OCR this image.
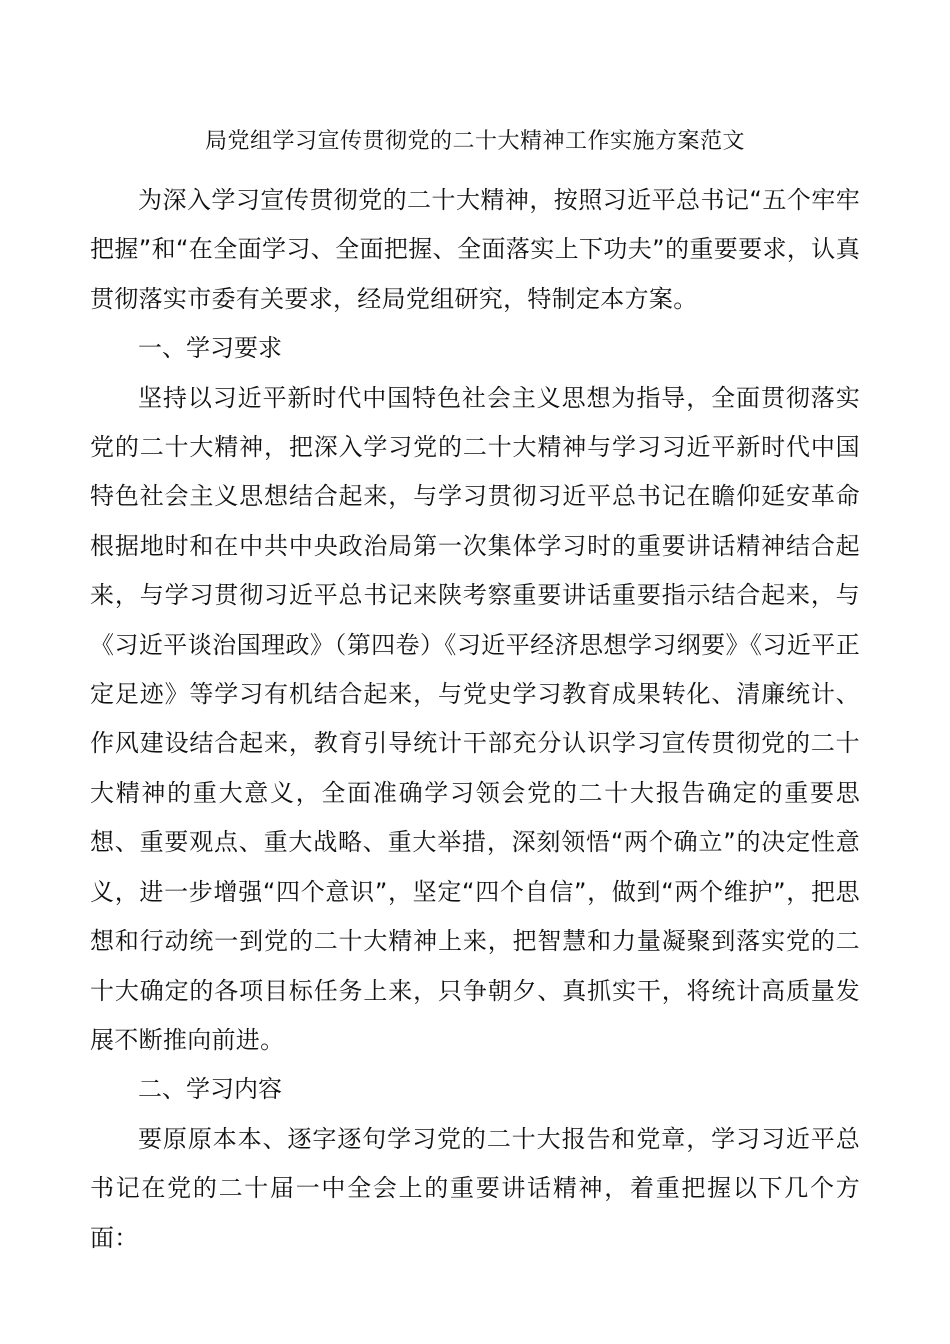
局党组学习宣传贯彻党的二十大精神工作实施方案范文

为深入学习宣传贯彻党的二十大精神，按照习近平总书记“五个牢牢把握”和“在全面学习、全面把握、全面落实上下功夫”的重要要求，认真贯彻落实市委有关要求，经局党组研究，特制定本方案。

一、学习要求

坚持以习近平新时代中国特色社会主义思想为指导，全面贯彻落实党的二十大精神，把深入学习党的二十大精神与学习习近平新时代中国特色社会主义思想结合起来，与学习贯彻习近平总书记在瞻仰延安革命根据地时和在中共中央政治局第一次集体学习时的重要讲话精神结合起来，与学习贯彻习近平总书记来陕考察重要讲话重要指示结合起来，与《习近平谈治国理政》（第四卷）《习近平经济思想学习纲要》《习近平正定足迹》等学习有机结合起来，与党史学习教育成果转化、清廉统计、作风建设结合起来，教育引导统计干部充分认识学习宣传贯彻党的二十大精神的重大意义，全面准确学习领会党的二十大报告确定的重要思想、重要观点、重大战略、重大举措，深刻领悟“两个确立”的决定性意义，进一步增强“四个意识”，坚定“四个自信”，做到“两个维护”，把思想和行动统一到党的二十大精神上来，把智慧和力量凝聚到落实党的二十大确定的各项目标任务上来，只争朝夕、真抓实干，将统计高质量发展不断推向前进。

二、学习内容

要原原本本、逐字逐句学习党的二十大报告和党章，学习习近平总书记在党的二十届一中全会上的重要讲话精神，着重把握以下几个方面：
